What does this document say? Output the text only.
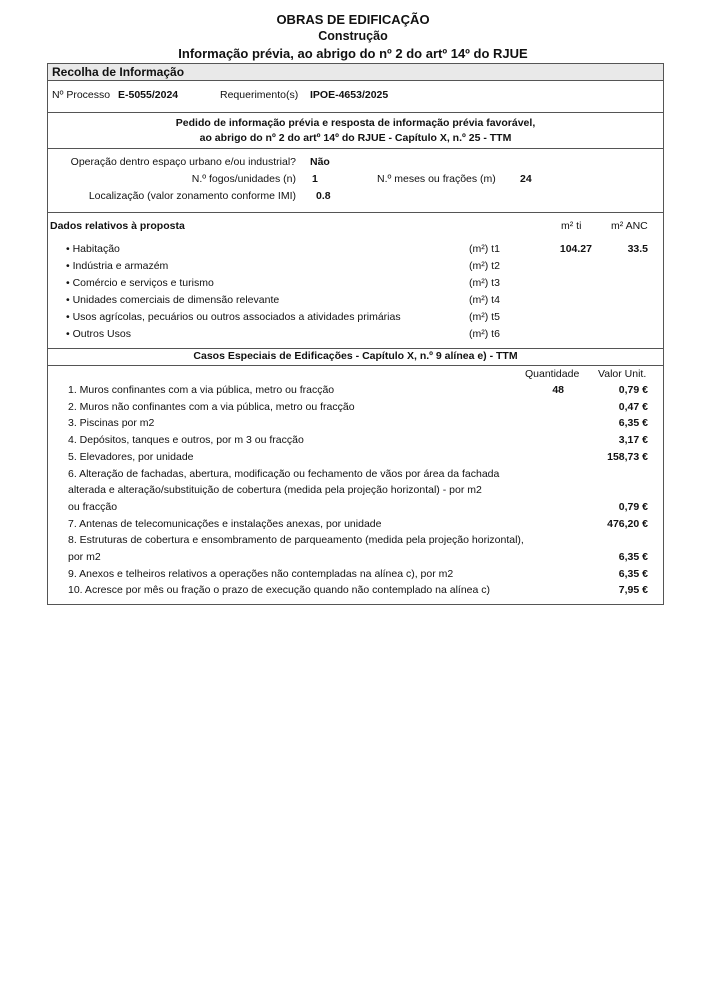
OBRAS DE EDIFICAÇÃO
Construção
Informação prévia, ao abrigo do nº 2 do artº 14º do RJUE
Recolha de Informação
Nº Processo E-5055/2024	Requerimento(s) IPOE-4653/2025
Pedido de informação prévia e resposta de informação prévia favorável,
ao abrigo do nº 2 do artº 14º do RJUE - Capítulo X, n.º 25 - TTM
Operação dentro espaço urbano e/ou industrial? Não
N.º fogos/unidades (n) 1	N.º meses ou frações (m) 24
Localização (valor zonamento conforme IMI) 0.8
Dados relativos à proposta	m² ti	m² ANC
• Habitação	(m²) t1	104.27	33.5
• Indústria e armazém	(m²) t2
• Comércio e serviços e turismo	(m²) t3
• Unidades comerciais de dimensão relevante	(m²) t4
• Usos agrícolas, pecuários ou outros associados a atividades primárias	(m²) t5
• Outros Usos	(m²) t6
Casos Especiais de Edificações - Capítulo X, n.º 9 alínea e) - TTM
Quantidade Valor Unit.
1. Muros confinantes com a via pública, metro ou fracção	48	0,79 €
2. Muros não confinantes com a via pública, metro ou fracção	0,47 €
3. Piscinas por m2	6,35 €
4. Depósitos, tanques e outros, por m 3 ou fracção	3,17 €
5. Elevadores, por unidade	158,73 €
6. Alteração de fachadas, abertura, modificação ou fechamento de vãos por área da fachada
alterada e alteração/substituição de cobertura (medida pela projeção horizontal) - por m2
ou fracção	0,79 €
7. Antenas de telecomunicações e instalações anexas, por unidade	476,20 €
8. Estruturas de cobertura e ensombramento de parqueamento (medida pela projeção horizontal),
por m2	6,35 €
9. Anexos e telheiros relativos a operações não contempladas na alínea c), por m2	6,35 €
10. Acresce por mês ou fração o prazo de execução quando não contemplado na alínea c)	7,95 €
